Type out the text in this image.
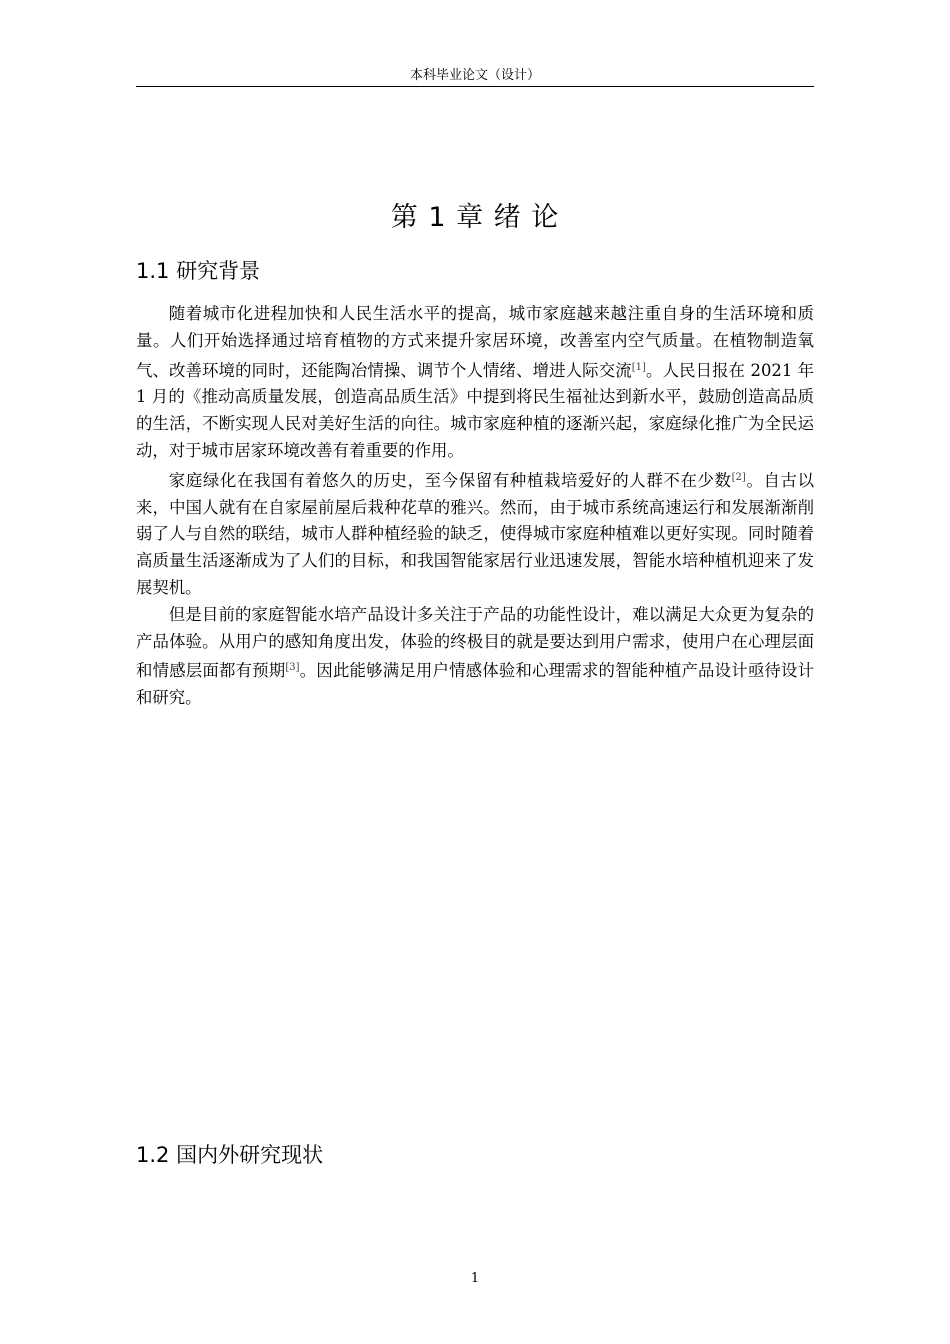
本科毕业论文（设计）
第 1 章 绪 论
1.1 研究背景

随着城市化进程加快和人民生活水平的提高，城市家庭越来越注重自身的生活环境和质量。人们开始选择通过培育植物的方式来提升家居环境，改善室内空气质量。在植物制造氧气、改善环境的同时，还能陶冶情操、调节个人情绪、增进人际交流[1]。人民日报在 2021 年 1 月的《推动高质量发展，创造高品质生活》中提到将民生福祉达到新水平，鼓励创造高品质的生活，不断实现人民对美好生活的向往。城市家庭种植的逐渐兴起，家庭绿化推广为全民运动，对于城市居家环境改善有着重要的作用。

家庭绿化在我国有着悠久的历史，至今保留有种植栽培爱好的人群不在少数[2]。自古以来，中国人就有在自家屋前屋后栽种花草的雅兴。然而，由于城市系统高速运行和发展渐渐削弱了人与自然的联结，城市人群种植经验的缺乏，使得城市家庭种植难以更好实现。同时随着高质量生活逐渐成为了人们的目标，和我国智能家居行业迅速发展，智能水培种植机迎来了发展契机。

但是目前的家庭智能水培产品设计多关注于产品的功能性设计，难以满足大众更为复杂的产品体验。从用户的感知角度出发，体验的终极目的就是要达到用户需求，使用户在心理层面和情感层面都有预期[3]。因此能够满足用户情感体验和心理需求的智能种植产品设计亟待设计和研究。

1.2 国内外研究现状
1
